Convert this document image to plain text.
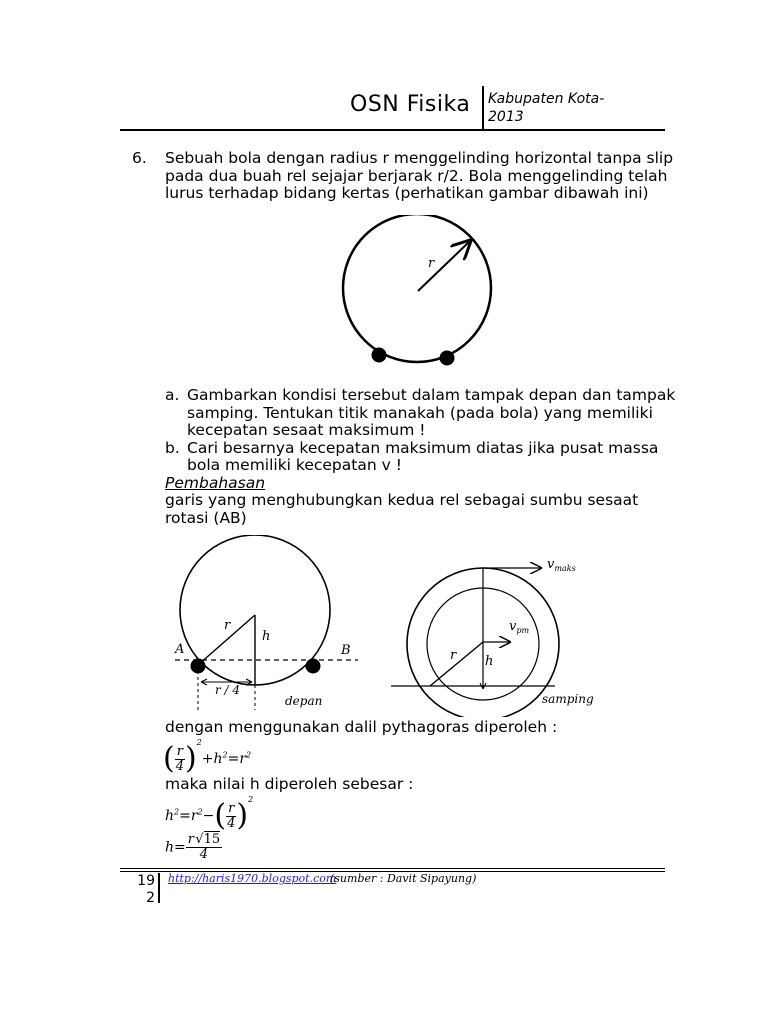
OSN Fisika Kabupaten Kota-
2013
6. Sebuah bola dengan radius r menggelinding horizontal tanpa slip pada dua buah rel sejajar berjarak r/2. Bola menggelinding telah lurus terhadap bidang kertas (perhatikan gambar dibawah ini)
r
a. Gambarkan kondisi tersebut dalam tampak depan dan tampak samping. Tentukan titik manakah (pada bola) yang memiliki kecepatan sesaat maksimum !
b. Cari besarnya kecepatan maksimum diatas jika pusat massa bola memiliki kecepatan v !
Pembahasan
garis yang menghubungkan kedua rel sebagai sumbu sesaat rotasi (AB)
r
h
A	B
r / 4
depan
$v_{maks}$
$v_{pm}$
r h
samping
dengan menggunakan dalil pythagoras diperoleh :
( $\frac{r}{4} )^2+h^2=r^2$
maka nilai h diperoleh sebesar :
$h^2=r^2-( \frac{r}{4} )^2$
$h= \frac{r √15}{4}$
19
2
http://haris1970.blogspot.com
(sumber : Davit Sipayung)
